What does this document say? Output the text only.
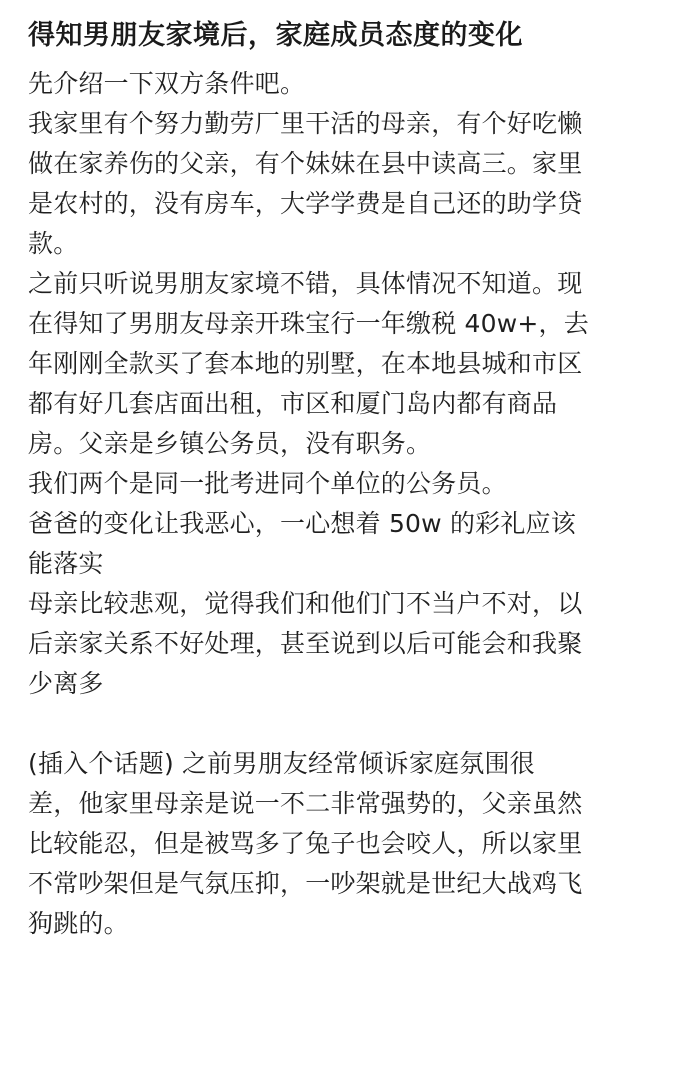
得知男朋友家境后，家庭成员态度的变化
先介绍一下双方条件吧。
我家里有个努力勤劳厂里干活的母亲，有个好吃懒
做在家养伤的父亲，有个妹妹在县中读高三。家里
是农村的，没有房车，大学学费是自己还的助学贷
款。
之前只听说男朋友家境不错，具体情况不知道。现
在得知了男朋友母亲开珠宝行一年缴税 40w+，去
年刚刚全款买了套本地的别墅，在本地县城和市区
都有好几套店面出租，市区和厦门岛内都有商品
房。父亲是乡镇公务员，没有职务。
我们两个是同一批考进同个单位的公务员。
爸爸的变化让我恶心，一心想着 50w 的彩礼应该
能落实
母亲比较悲观，觉得我们和他们门不当户不对，以
后亲家关系不好处理，甚至说到以后可能会和我聚
少离多
(插入个话题) 之前男朋友经常倾诉家庭氛围很
差，他家里母亲是说一不二非常强势的，父亲虽然
比较能忍，但是被骂多了兔子也会咬人，所以家里
不常吵架但是气氛压抑，一吵架就是世纪大战鸡飞
狗跳的。
